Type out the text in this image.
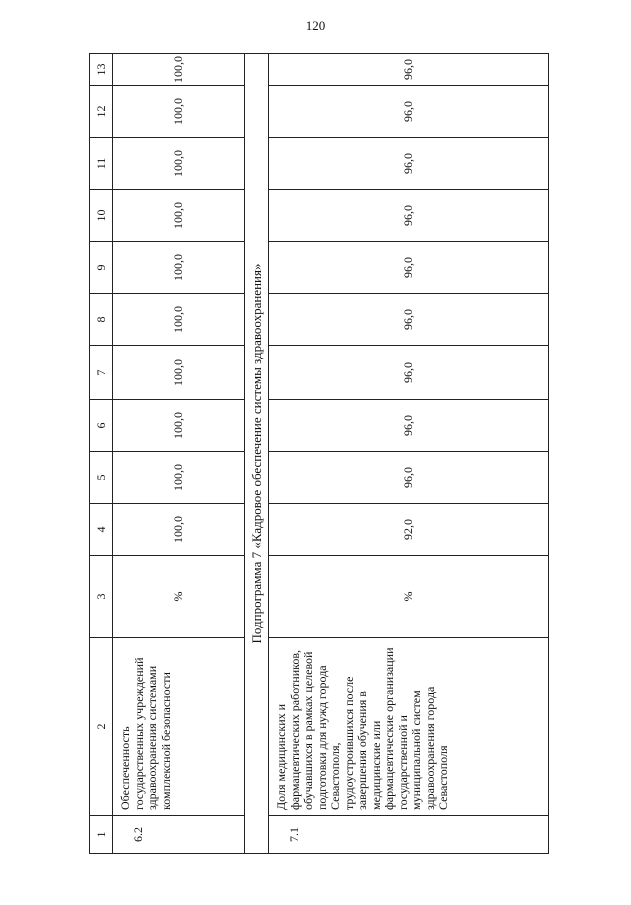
120
1	2	3	4	5	6	7	8	9	10	11	12	13
6.2	Обеспеченность государственных учреждений здравоохранения системами комплексной безопасности	%	100,0	100,0	100,0	100,0	100,0	100,0	100,0	100,0	100,0	100,0
Подпрограмма 7 «Кадровое обеспечение системы здравоохранения»												
7.1	Доля медицинских и фармацевтических работников, обучавшихся в рамках целевой подготовки для нужд города Севастополя, трудоустроившихся после завершения обучения в медицинские или фармацевтические организации государственной и муниципальной систем здравоохранения города Севастополя	%	92,0	96,0	96,0	96,0	96,0	96,0	96,0	96,0	96,0	96,0
